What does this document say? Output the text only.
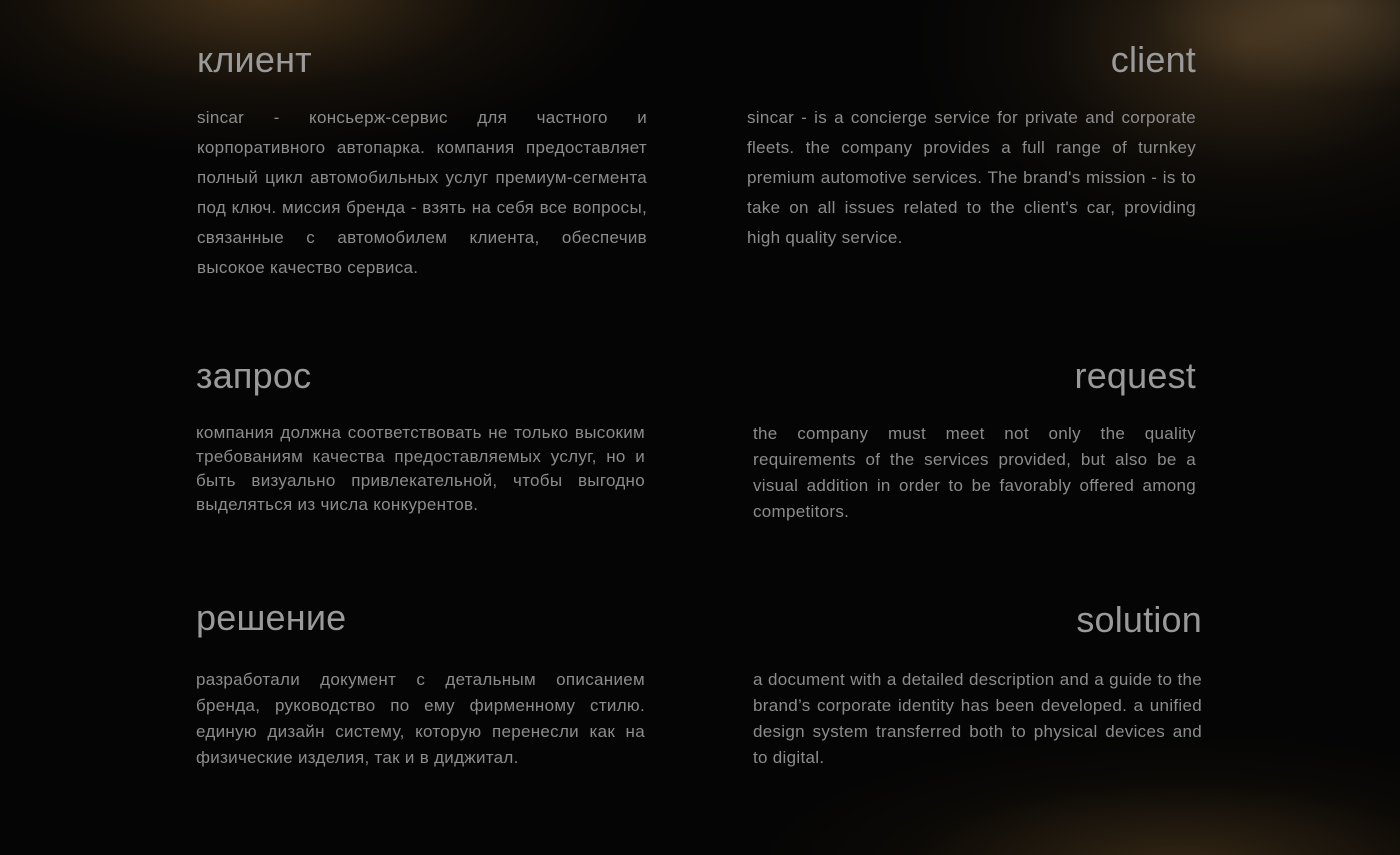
клиент

sincar - консьерж-сервис для частного и корпоративного автопарка. компания предоставляет полный цикл автомобильных услуг премиум-сегмента под ключ. миссия бренда - взять на себя все вопросы, связанные с автомобилем клиента, обеспечив высокое качество сервиса.

client

sincar - is a concierge service for private and corporate fleets. the company provides a full range of turnkey premium automotive services. The brand's mission - is to take on all issues related to the client's car, providing high quality service.

запрос

компания должна соответствовать не только высоким требованиям качества предоставляемых услуг, но и быть визуально привлекательной, чтобы выгодно выделяться из числа конкурентов.

request

the company must meet not only the quality requirements of the services provided, but also be a visual addition in order to be favorably offered among competitors.

решение

разработали документ с детальным описанием бренда, руководство по ему фирменному стилю. единую дизайн систему, которую перенесли как на физические изделия, так и в диджитал.

solution

a document with a detailed description and a guide to the brand’s corporate identity has been developed. a unified design system transferred both to physical devices and to digital.
